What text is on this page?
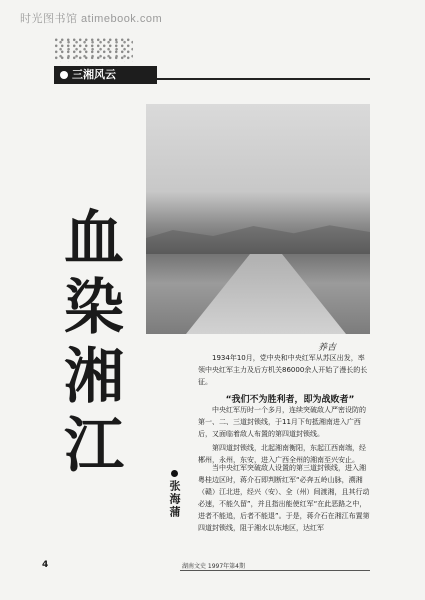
时光图书馆 atimebook.com
三湘风云
养吉
血
染
湘
江
张海蒲

1934年10月，党中央和中央红军从苏区出发，率领中央红军主力及后方机关86000余人开始了漫长的长征。

“我们不为胜利者，即为战败者”

中央红军历时一个多月，连续突破敌人严密设防的第一、二、三道封锁线，于11月下旬抵湘南进入广西后，又面临着敌人布置的第四道封锁线。

第四道封锁线，北起湘南衡阳，东起江西南端，经郴州，永州，东安，进入广西全州的湘南至兴安止。

当中央红军突破敌人设置的第三道封锁线，进入湘粤桂边区时，蒋介石即判断红军“必奔五岭山脉，溯湘（赣）江北进，经兴（安）、全（州）间渡湘，且其行动必速，不能久留”，并且指出能使红军“在此恶路之中，进者不能追，后者不能退”。于是，蒋介石在湘江布置第四道封锁线，阻于湘水以东地区，达红军

4	湖南文史 1997年第4期
